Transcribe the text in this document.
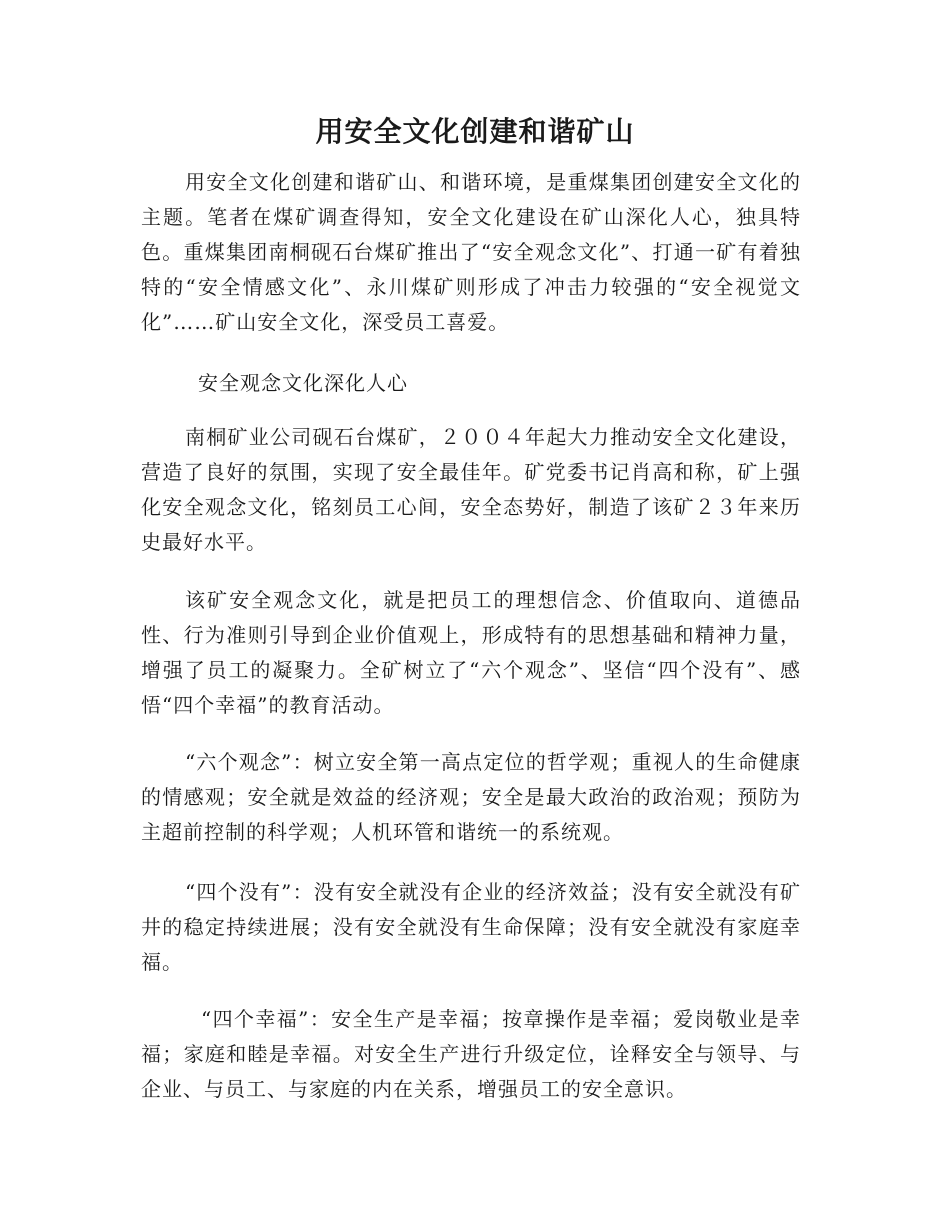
用安全文化创建和谐矿山

用安全文化创建和谐矿山、和谐环境，是重煤集团创建安全文化的主题。笔者在煤矿调查得知，安全文化建设在矿山深化人心，独具特色。重煤集团南桐砚石台煤矿推出了“安全观念文化”、打通一矿有着独特的“安全情感文化”、永川煤矿则形成了冲击力较强的“安全视觉文化”……矿山安全文化，深受员工喜爱。

安全观念文化深化人心

南桐矿业公司砚石台煤矿，２００４年起大力推动安全文化建设，营造了良好的氛围，实现了安全最佳年。矿党委书记肖高和称，矿上强化安全观念文化，铭刻员工心间，安全态势好，制造了该矿２３年来历史最好水平。

该矿安全观念文化，就是把员工的理想信念、价值取向、道德品性、行为准则引导到企业价值观上，形成特有的思想基础和精神力量，增强了员工的凝聚力。全矿树立了“六个观念”、坚信“四个没有”、感悟“四个幸福”的教育活动。

“六个观念”：树立安全第一高点定位的哲学观；重视人的生命健康的情感观；安全就是效益的经济观；安全是最大政治的政治观；预防为主超前控制的科学观；人机环管和谐统一的系统观。

“四个没有”：没有安全就没有企业的经济效益；没有安全就没有矿井的稳定持续进展；没有安全就没有生命保障；没有安全就没有家庭幸福。

“四个幸福”：安全生产是幸福；按章操作是幸福；爱岗敬业是幸福；家庭和睦是幸福。对安全生产进行升级定位，诠释安全与领导、与企业、与员工、与家庭的内在关系，增强员工的安全意识。
